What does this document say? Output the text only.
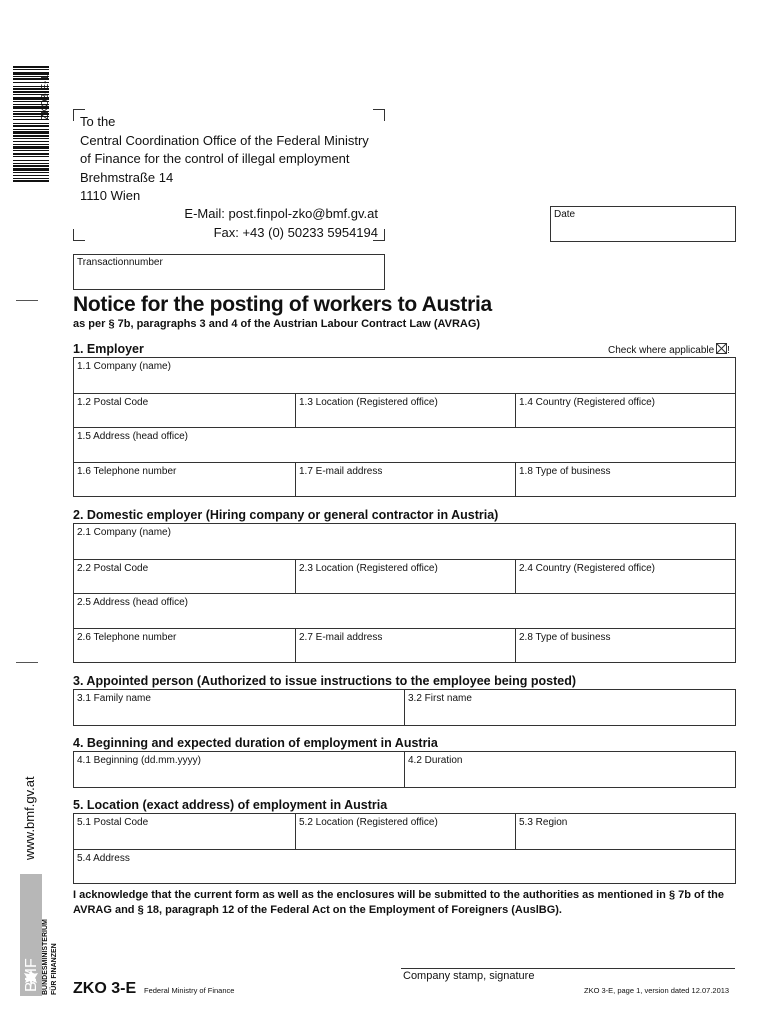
ZKO3-E-1
To the
Central Coordination Office of the Federal Ministry
of Finance for the control of illegal employment
Brehmstraße 14
1110 Wien
E-Mail: post.finpol-zko@bmf.gv.at
Fax: +43 (0) 50233 5954194
Date
Transactionnumber
Notice for the posting of workers to Austria
as per § 7b, paragraphs 3 and 4 of the Austrian Labour Contract Law (AVRAG)
1. Employer	Check where applicable !
1.1 Company (name)
1.2 Postal Code	1.3 Location (Registered office)	1.4 Country (Registered office)
1.5 Address (head office)
1.6 Telephone number	1.7 E-mail address	1.8 Type of business
2. Domestic employer (Hiring company or general contractor in Austria)
2.1 Company (name)
2.2 Postal Code	2.3 Location (Registered office)	2.4 Country (Registered office)
2.5 Address (head office)
2.6 Telephone number	2.7 E-mail address	2.8 Type of business
3. Appointed person (Authorized to issue instructions to the employee being posted)
3.1 Family name	3.2 First name
4. Beginning and expected duration of employment in Austria
4.1 Beginning (dd.mm.yyyy)	4.2 Duration
5. Location (exact address) of employment in Austria
5.1 Postal Code	5.2 Location (Registered office)	5.3 Region
5.4 Address
I acknowledge that the current form as well as the enclosures will be submitted to the authorities as mentioned in § 7b of the AVRAG and § 18, paragraph 12 of the Federal Act on the Employment of Foreigners (AuslBG).
Company stamp, signature
ZKO 3-E Federal Ministry of Finance	ZKO 3-E, page 1, version dated 12.07.2013
www.bmf.gv.at
BMF BUNDESMINISTERIUM FÜR FINANZEN
